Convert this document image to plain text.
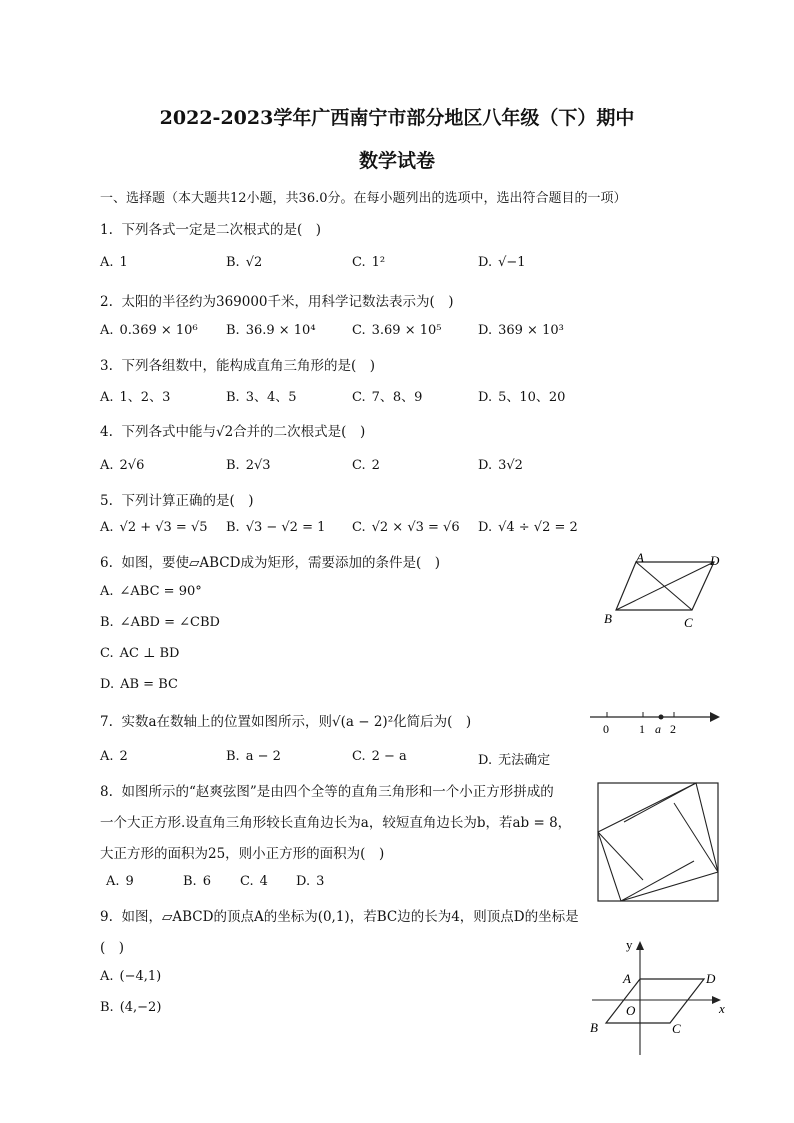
2022-2023学年广西南宁市部分地区八年级（下）期中
数学试卷
一、选择题（本大题共12小题，共36.0分。在每小题列出的选项中，选出符合题目的一项）
1. 下列各式一定是二次根式的是(　)
A. 1	B. √2	C. 1²	D. √−1
2. 太阳的半径约为369000千米，用科学记数法表示为(　)
A. 0.369 × 10⁶ B. 36.9 × 10⁴	C. 3.69 × 10⁵	D. 369 × 10³
3. 下列各组数中，能构成直角三角形的是(　)
A. 1、2、3	B. 3、4、5	C. 7、8、9	D. 5、10、20
4. 下列各式中能与√2合并的二次根式是(　)
A. 2√6	B. 2√3	C. 2	D. 3√2
5. 下列计算正确的是(　)
A. √2 + √3 = √5 B. √3 − √2 = 1 C. √2 × √3 = √6 D. √4 ÷ √2 = 2
6. 如图，要使▱ABCD成为矩形，需要添加的条件是(　)
A. ∠ABC = 90°
B. ∠ABD = ∠CBD
C. AC ⊥ BD
D. AB = BC
A	D
B	C
7. 实数a在数轴上的位置如图所示，则√(a − 2)²化简后为(　)
A. 2	B. a − 2	C. 2 − a	D. 无法确定
0	1 a 2
8. 如图所示的“赵爽弦图”是由四个全等的直角三角形和一个小正方形拼成的
一个大正方形.设直角三角形较长直角边长为a，较短直角边长为b，若ab = 8，
大正方形的面积为25，则小正方形的面积为(　)
A. 9	B. 6 C. 4 D. 3
9. 如图，▱ABCD的顶点A的坐标为(0,1)，若BC边的长为4，则顶点D的坐标是
(　)
A. (−4,1)
B. (4,−2)
y
A	D
O	x
B	C
